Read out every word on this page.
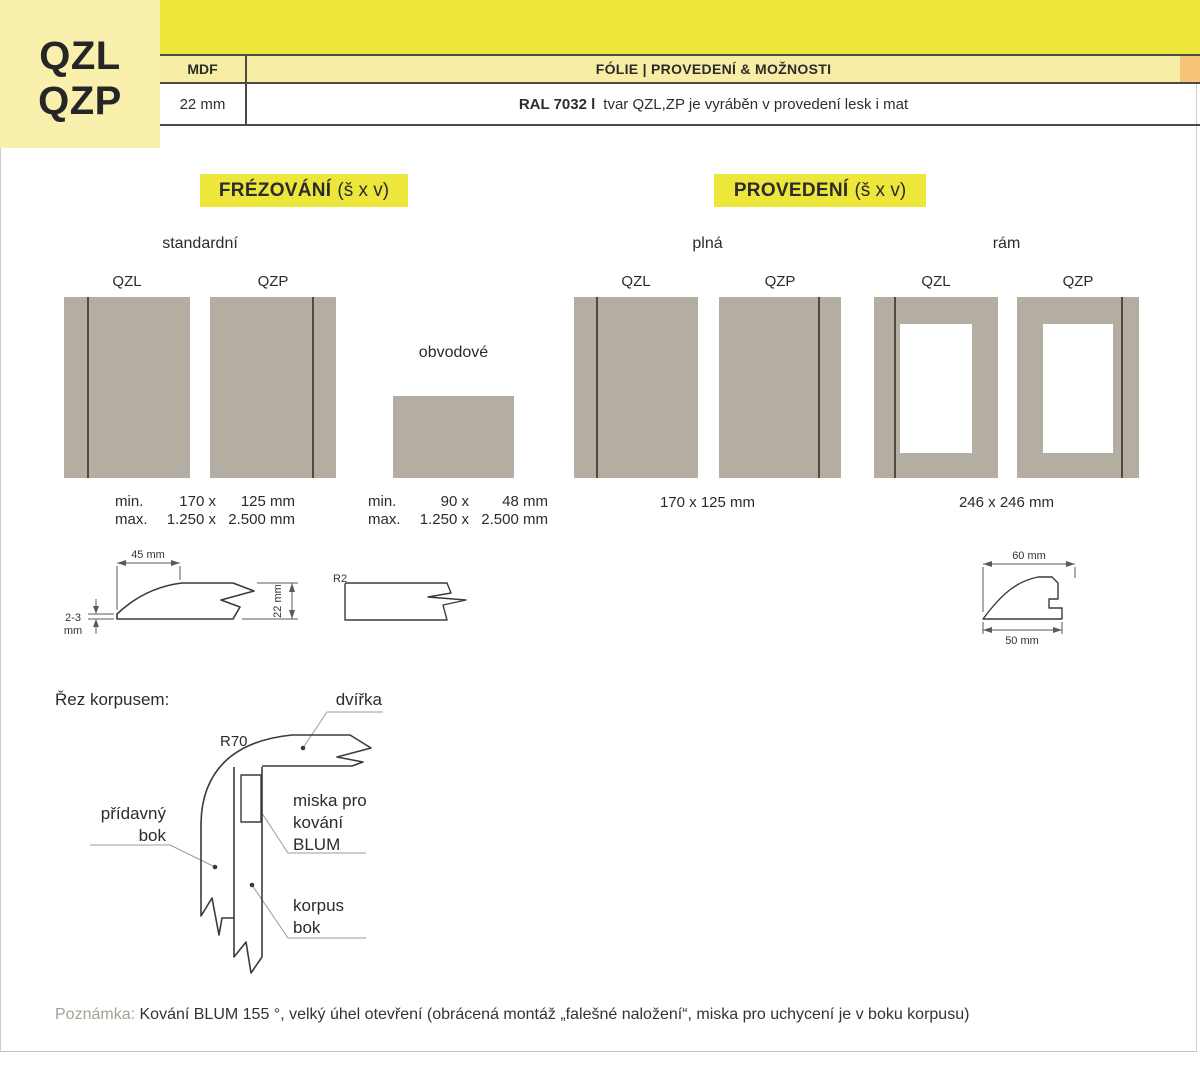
QZL
QZP
MDF	FÓLIE | PROVEDENÍ & MOŽNOSTI
22 mm	RAL 7032 l tvar QZL,ZP je vyráběn v provedení lesk i mat
FRÉZOVÁNÍ (š x v)	PROVEDENÍ (š x v)
standardní	plná	rám
obvodové
QZL	QZP	QZL	QZP	QZL	QZP
min.	170 x	125 mm
max.	1.250 x 2.500 mm
min.	90 x	48 mm
max.	1.250 x 2.500 mm
170 x 125 mm	246 x 246 mm
45 mm
22 mm
2-3
mm
R2
60 mm
50 mm
Řez korpusem:	dvířka
R70
přídavný
bok
miska pro
kování
BLUM
korpus
bok
Poznámka: Kování BLUM 155 °, velký úhel otevření (obrácená montáž „falešné naložení“, miska pro uchycení je v boku korpusu)
